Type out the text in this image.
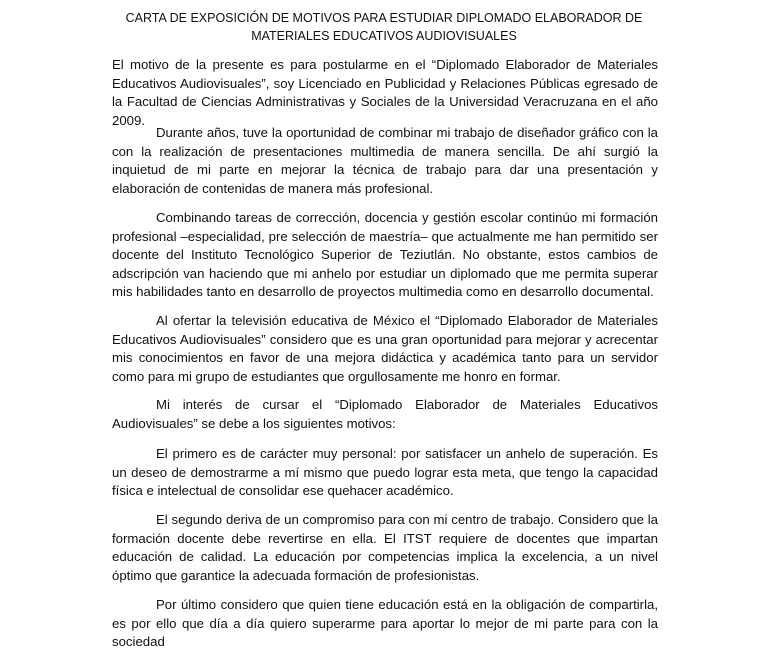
CARTA DE EXPOSICIÓN DE MOTIVOS PARA ESTUDIAR DIPLOMADO ELABORADOR DE
MATERIALES EDUCATIVOS AUDIOVISUALES

El motivo de la presente es para postularme en el “Diplomado Elaborador de Materiales Educativos Audiovisuales”, soy Licenciado en Publicidad y Relaciones Públicas egresado de la Facultad de Ciencias Administrativas y Sociales de la Universidad Veracruzana en el año 2009.

Durante años, tuve la oportunidad de combinar mi trabajo de diseñador gráfico con la con la realización de presentaciones multimedia de manera sencilla. De ahí surgió la inquietud de mi parte en mejorar la técnica de trabajo para dar una presentación y elaboración de contenidas de manera más profesional.

Combinando tareas de corrección, docencia y gestión escolar continúo mi formación profesional –especialidad, pre selección de maestría– que actualmente me han permitido ser docente del Instituto Tecnológico Superior de Teziutlán. No obstante, estos cambios de adscripción van haciendo que mi anhelo por estudiar un diplomado que me permita superar mis habilidades tanto en desarrollo de proyectos multimedia como en desarrollo documental.

Al ofertar la televisión educativa de México el “Diplomado Elaborador de Materiales Educativos Audiovisuales” considero que es una gran oportunidad para mejorar y acrecentar mis conocimientos en favor de una mejora didáctica y académica tanto para un servidor como para mi grupo de estudiantes que orgullosamente me honro en formar.

Mi interés de cursar el “Diplomado Elaborador de Materiales Educativos Audiovisuales” se debe a los siguientes motivos:

El primero es de carácter muy personal: por satisfacer un anhelo de superación. Es un deseo de demostrarme a mí mismo que puedo lograr esta meta, que tengo la capacidad física e intelectual de consolidar ese quehacer académico.

El segundo deriva de un compromiso para con mi centro de trabajo. Considero que la formación docente debe revertirse en ella. El ITST requiere de docentes que impartan educación de calidad. La educación por competencias implica la excelencia, a un nivel óptimo que garantice la adecuada formación de profesionistas.

Por último considero que quien tiene educación está en la obligación de compartirla, es por ello que día a día quiero superarme para aportar lo mejor de mi parte para con la sociedad
